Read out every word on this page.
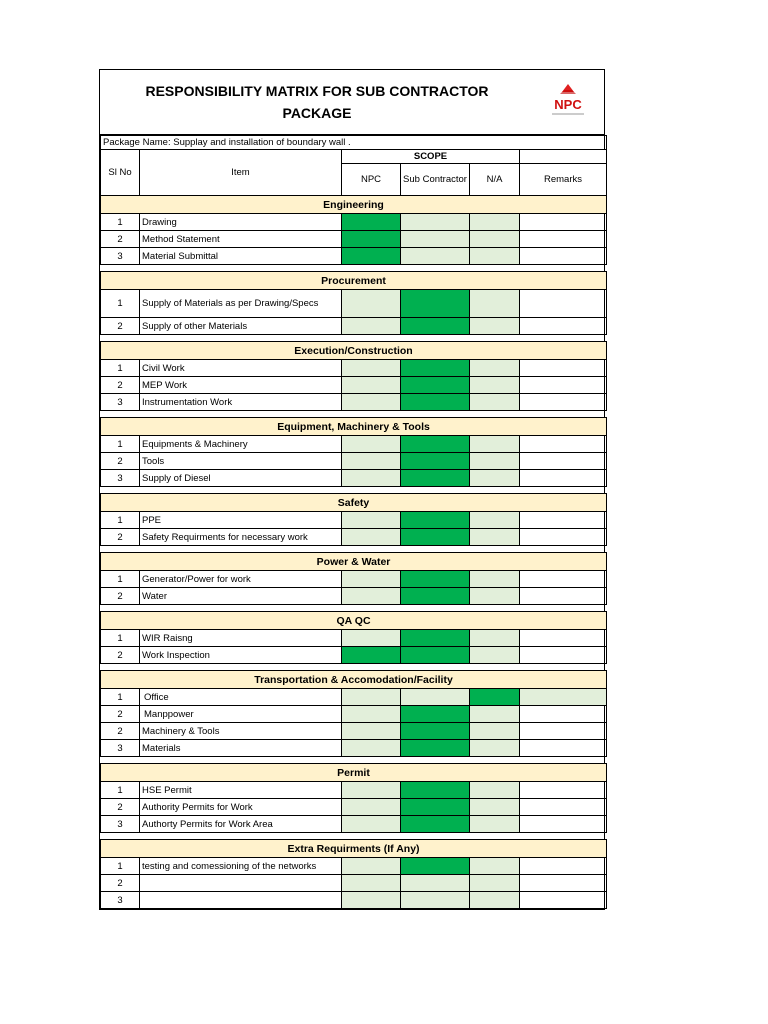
RESPONSIBILITY MATRIX FOR SUB CONTRACTOR
PACKAGE
NPC
Package Name: Supplay and installation of boundary wall .					
Sl No	Item	SCOPE			
		NPC	Sub Contractor	N/A	Remarks
Engineering					
1	Drawing				
2	Method Statement				
3	Material Submittal				

Procurement					
1	Supply of Materials as per Drawing/Specs				
2	Supply of other Materials				

Execution/Construction					
1	Civil Work				
2	MEP Work				
3	Instrumentation Work				

Equipment, Machinery & Tools					
1	Equipments & Machinery				
2	Tools				
3	Supply of Diesel				

Safety					
1	PPE				
2	Safety Requirments for necessary work				

Power & Water					
1	Generator/Power for work				
2	Water				

QA QC					
1	WIR Raisng				
2	Work Inspection				

Transportation & Accomodation/Facility					
1	Office				
2	Manppower				
2	Machinery & Tools				
3	Materials				

Permit					
1	HSE Permit				
2	Authority Permits for Work				
3	Authorty Permits for Work Area				

Extra Requirments (If Any)					
1	testing and comessioning of the networks				
2					
3					
